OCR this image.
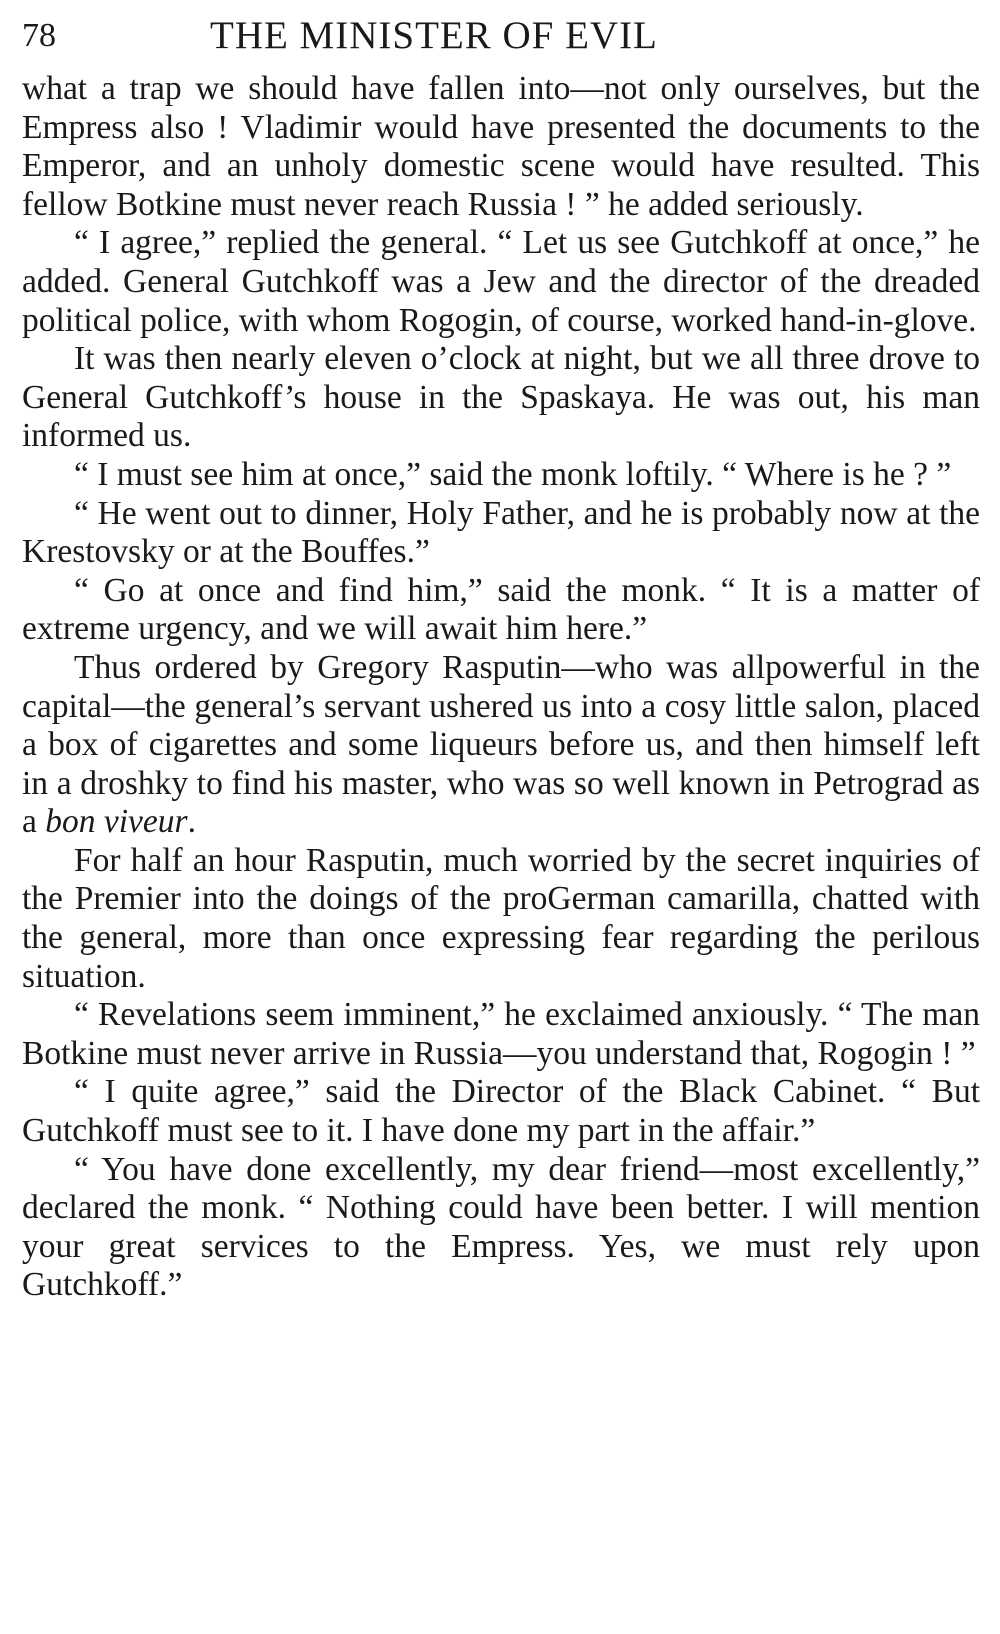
78	THE MINISTER OF EVIL

what a trap we should have fallen into—not only ourselves, but the Empress also ! Vladimir would have presented the documents to the Emperor, and an unholy domestic scene would have resulted. This fellow Botkine must never reach Russia ! ” he added seriously.

“ I agree,” replied the general. “ Let us see Gutchkoff at once,” he added. General Gutchkoff was a Jew and the director of the dreaded political police, with whom Rogogin, of course, worked hand-in-glove.

It was then nearly eleven o’clock at night, but we all three drove to General Gutchkoff’s house in the Spaskaya. He was out, his man informed us.

“ I must see him at once,” said the monk loftily. “ Where is he ? ”

“ He went out to dinner, Holy Father, and he is probably now at the Krestovsky or at the Bouffes.”

“ Go at once and find him,” said the monk. “ It is a matter of extreme urgency, and we will await him here.”

Thus ordered by Gregory Rasputin—who was allpowerful in the capital—the general’s servant ushered us into a cosy little salon, placed a box of cigarettes and some liqueurs before us, and then himself left in a droshky to find his master, who was so well known in Petrograd as a bon viveur.

For half an hour Rasputin, much worried by the secret inquiries of the Premier into the doings of the proGerman camarilla, chatted with the general, more than once expressing fear regarding the perilous situation.

“ Revelations seem imminent,” he exclaimed anxiously. “ The man Botkine must never arrive in Russia—you understand that, Rogogin ! ”

“ I quite agree,” said the Director of the Black Cabinet. “ But Gutchkoff must see to it. I have done my part in the affair.”

“ You have done excellently, my dear friend—most excellently,” declared the monk. “ Nothing could have been better. I will mention your great services to the Empress. Yes, we must rely upon Gutchkoff.”
